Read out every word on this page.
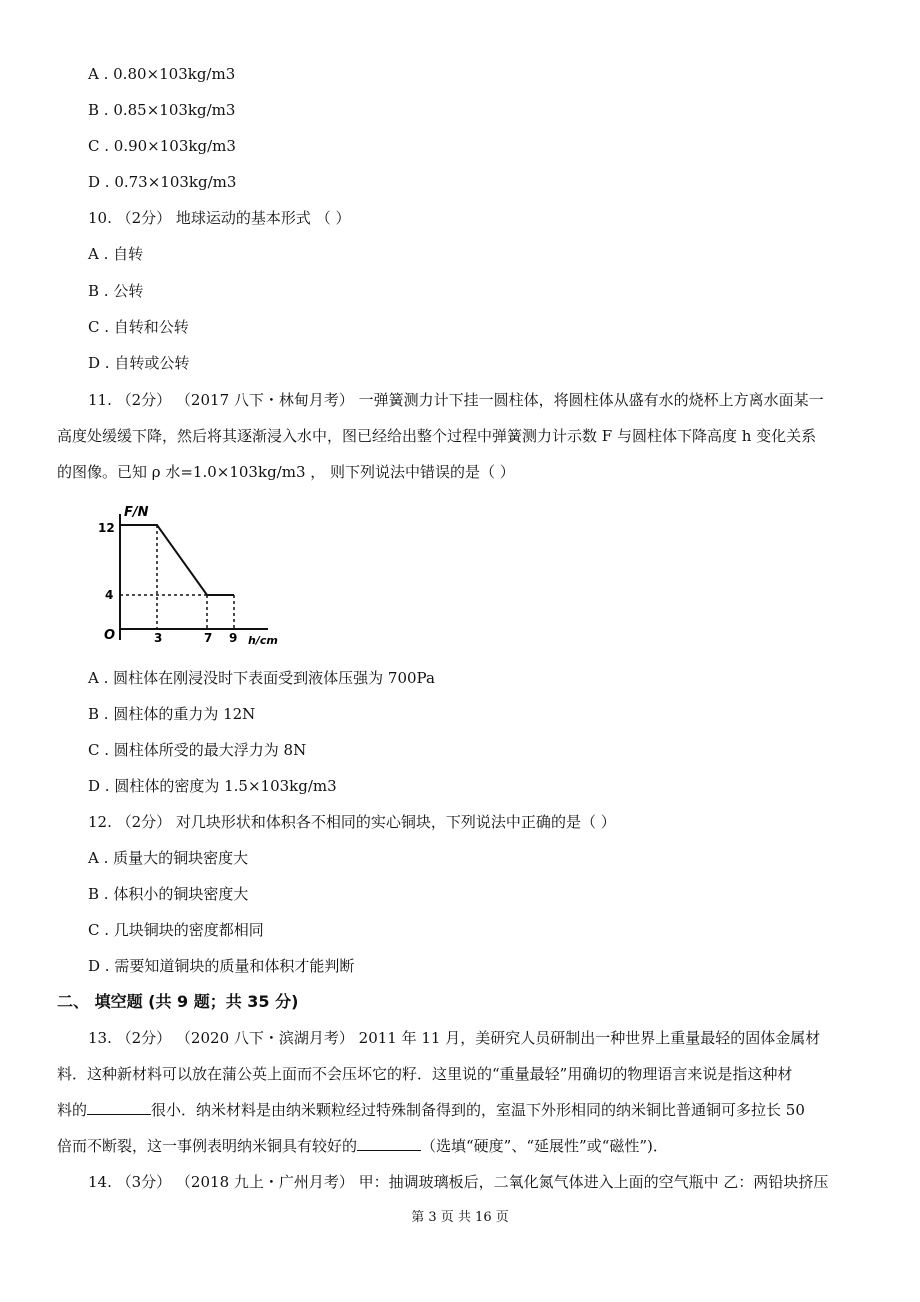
A . 0.80×103kg/m3
B . 0.85×103kg/m3
C . 0.90×103kg/m3
D . 0.73×103kg/m3
10. （2分） 地球运动的基本形式 （ ）
A . 自转
B . 公转
C . 自转和公转
D . 自转或公转
11. （2分） （2017 八下・林甸月考） 一弹簧测力计下挂一圆柱体，将圆柱体从盛有水的烧杯上方离水面某一
高度处缓缓下降，然后将其逐渐浸入水中，图已经给出整个过程中弹簧测力计示数 F 与圆柱体下降高度 h 变化关系
的图像。已知 ρ 水=1.0×103kg/m3 ， 则下列说法中错误的是（ ）
F/N
h/cm
O
12
4
3	7 9
A . 圆柱体在刚浸没时下表面受到液体压强为 700Pa
B . 圆柱体的重力为 12N
C . 圆柱体所受的最大浮力为 8N
D . 圆柱体的密度为 1.5×103kg/m3
12. （2分） 对几块形状和体积各不相同的实心铜块，下列说法中正确的是（ ）
A . 质量大的铜块密度大
B . 体积小的铜块密度大
C . 几块铜块的密度都相同
D . 需要知道铜块的质量和体积才能判断
二、 填空题 (共 9 题；共 35 分)
13. （2分） （2020 八下・滨湖月考） 2011 年 11 月，美研究人员研制出一种世界上重量最轻的固体金属材
料．这种新材料可以放在蒲公英上面而不会压坏它的籽．这里说的“重量最轻”用确切的物理语言来说是指这种材
料的	很小．纳米材料是由纳米颗粒经过特殊制备得到的，室温下外形相同的纳米铜比普通铜可多拉长 50
倍而不断裂，这一事例表明纳米铜具有较好的	（选填“硬度”、“延展性”或“磁性”)．
14. （3分） （2018 九上・广州月考） 甲：抽调玻璃板后，二氧化氮气体进入上面的空气瓶中 乙：两铅块挤压
第 3 页 共 16 页
